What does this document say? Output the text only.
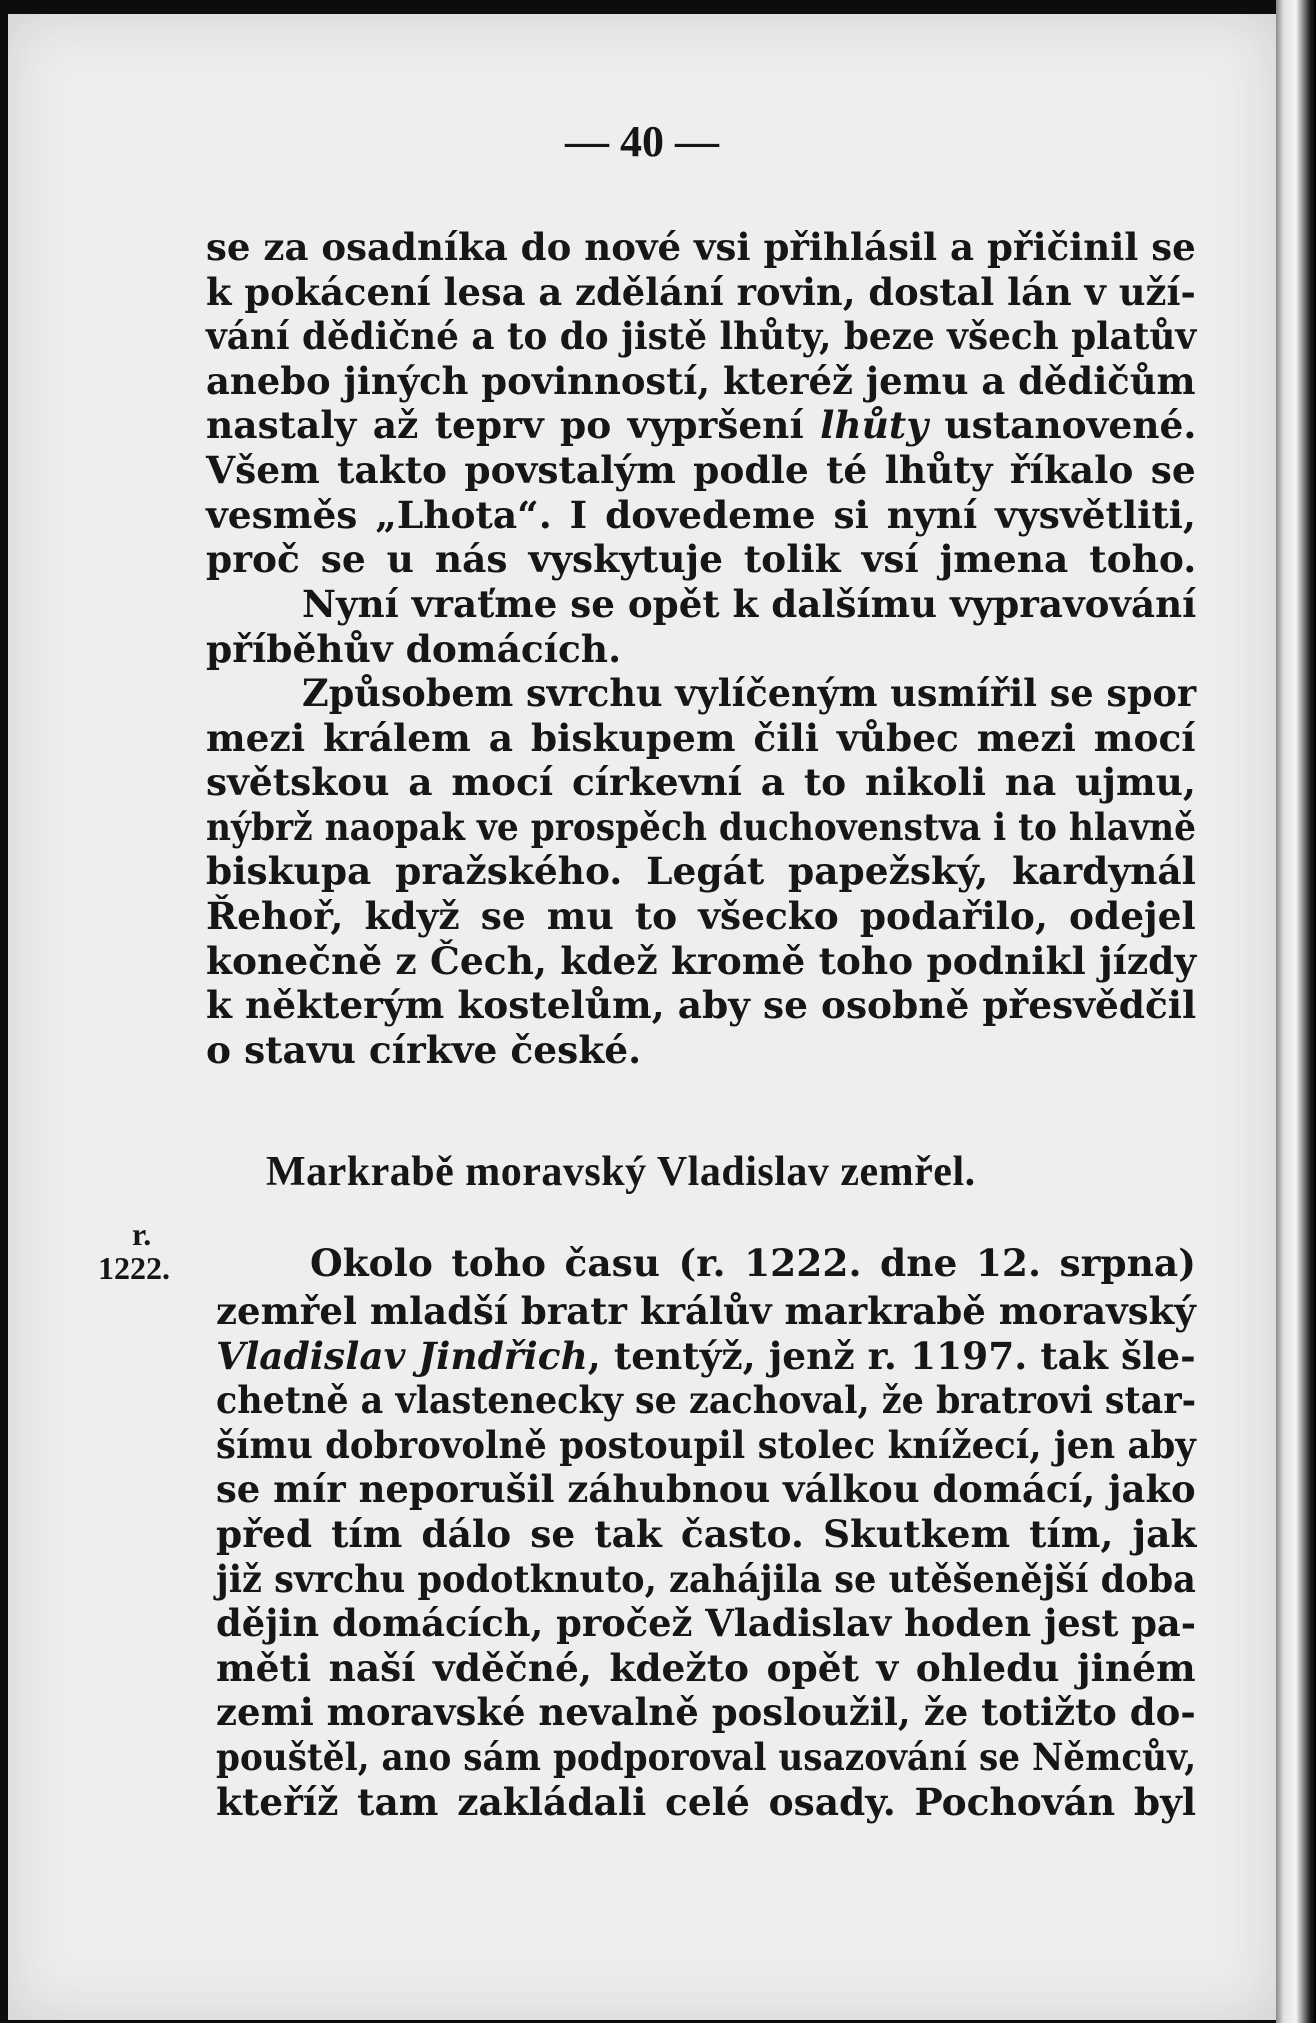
— 40 —
se za osadníka do nové vsi přihlásil a přičinil se
k pokácení lesa a zdělání rovin, dostal lán v uží-
vání dědičné a to do jistě lhůty, beze všech platův
anebo jiných povinností, kteréž jemu a dědičům
nastaly až teprv po vypršení lhůty ustanovené.
Všem takto povstalým podle té lhůty říkalo se
vesměs „Lhota“. I dovedeme si nyní vysvětliti,
proč se u nás vyskytuje tolik vsí jmena toho.
Nyní vraťme se opět k dalšímu vypravování
příběhův domácích.
Způsobem svrchu vylíčeným usmířil se spor
mezi králem a biskupem čili vůbec mezi mocí
světskou a mocí církevní a to nikoli na ujmu,
nýbrž naopak ve prospěch duchovenstva i to hlavně
biskupa pražského. Legát papežský, kardynál
Řehoř, když se mu to všecko podařilo, odejel
konečně z Čech, kdež kromě toho podnikl jízdy
k některým kostelům, aby se osobně přesvědčil
o stavu církve české.
zemřel mladší bratr králův markrabě moravský
Vladislav Jindřich, tentýž, jenž r. 1197. tak šle-
chetně a vlastenecky se zachoval, že bratrovi star-
šímu dobrovolně postoupil stolec knížecí, jen aby
se mír neporušil záhubnou válkou domácí, jako
před tím dálo se tak často. Skutkem tím, jak
již svrchu podotknuto, zahájila se utěšenější doba
dějin domácích, pročež Vladislav hoden jest pa-
měti naší vděčné, kdežto opět v ohledu jiném
zemi moravské nevalně posloužil, že totižto do-
pouštěl, ano sám podporoval usazování se Němcův,
kteříž tam zakládali celé osady. Pochován byl
Okolo toho času (r. 1222. dne 12. srpna)
Markrabě moravský Vladislav zemřel.
r.
1222.
